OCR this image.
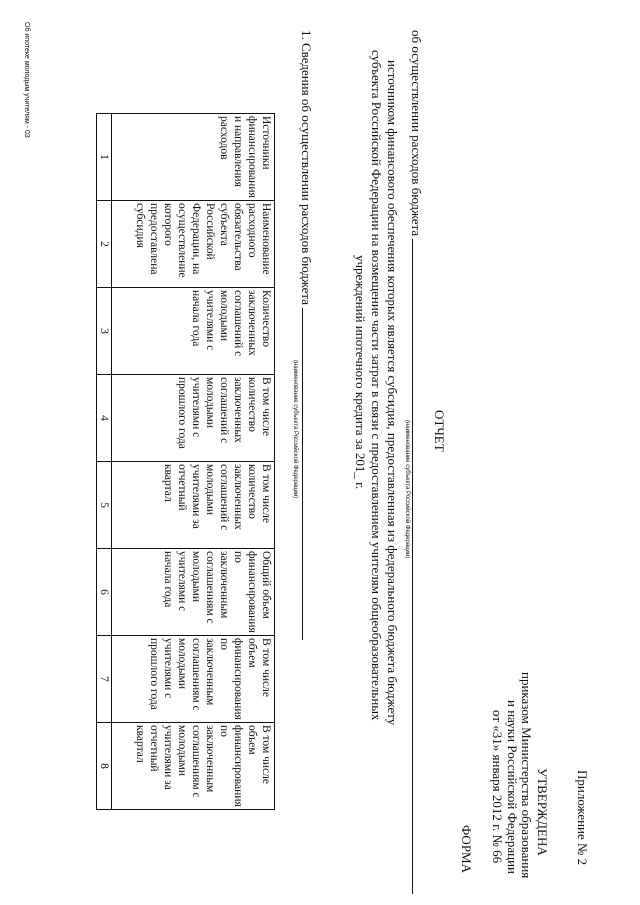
Приложение № 2
УТВЕРЖДЕНА
приказом Министерства образования
и науки Российской Федерации
от «31» января 2012 г. № 66
ФОРМА
ОТЧЕТ
об осуществлении расходов бюджета
(наименование субъекта Российской Федерации)
источником финансового обеспечения которых является субсидия, предоставленная из федерального бюджета бюджету
субъекта Российской Федерации на возмещение части затрат в связи с предоставлением учителям общеобразовательных
учреждений ипотечного кредита за 201_ г.
1. Сведения об осуществлении расходов бюджета
(наименование субъекта Российской Федерации)
Источники финансирования и направления расходов	Наименование расходного обязательства субъекта Российской Федерации, на осуществление которого предоставлена субсидия	Количество заключенных соглашений с молодыми учителями с начала года	В том числе количество заключенных соглашений с молодыми учителями с прошлого года	В том числе количество заключенных соглашений с молодыми учителями за отчетный квартал	Общий объем финансирования по заключенным соглашениям с молодыми учителями с начала года	В том числе объем финансирования по заключенным соглашениям с молодыми учителями с прошлого года	В том числе объем финансирования по заключенным соглашениям с молодыми учителями за отчетный квартал
1	2	3	4	5	6	7	8
Об ипотеке молодым учителям - 03
